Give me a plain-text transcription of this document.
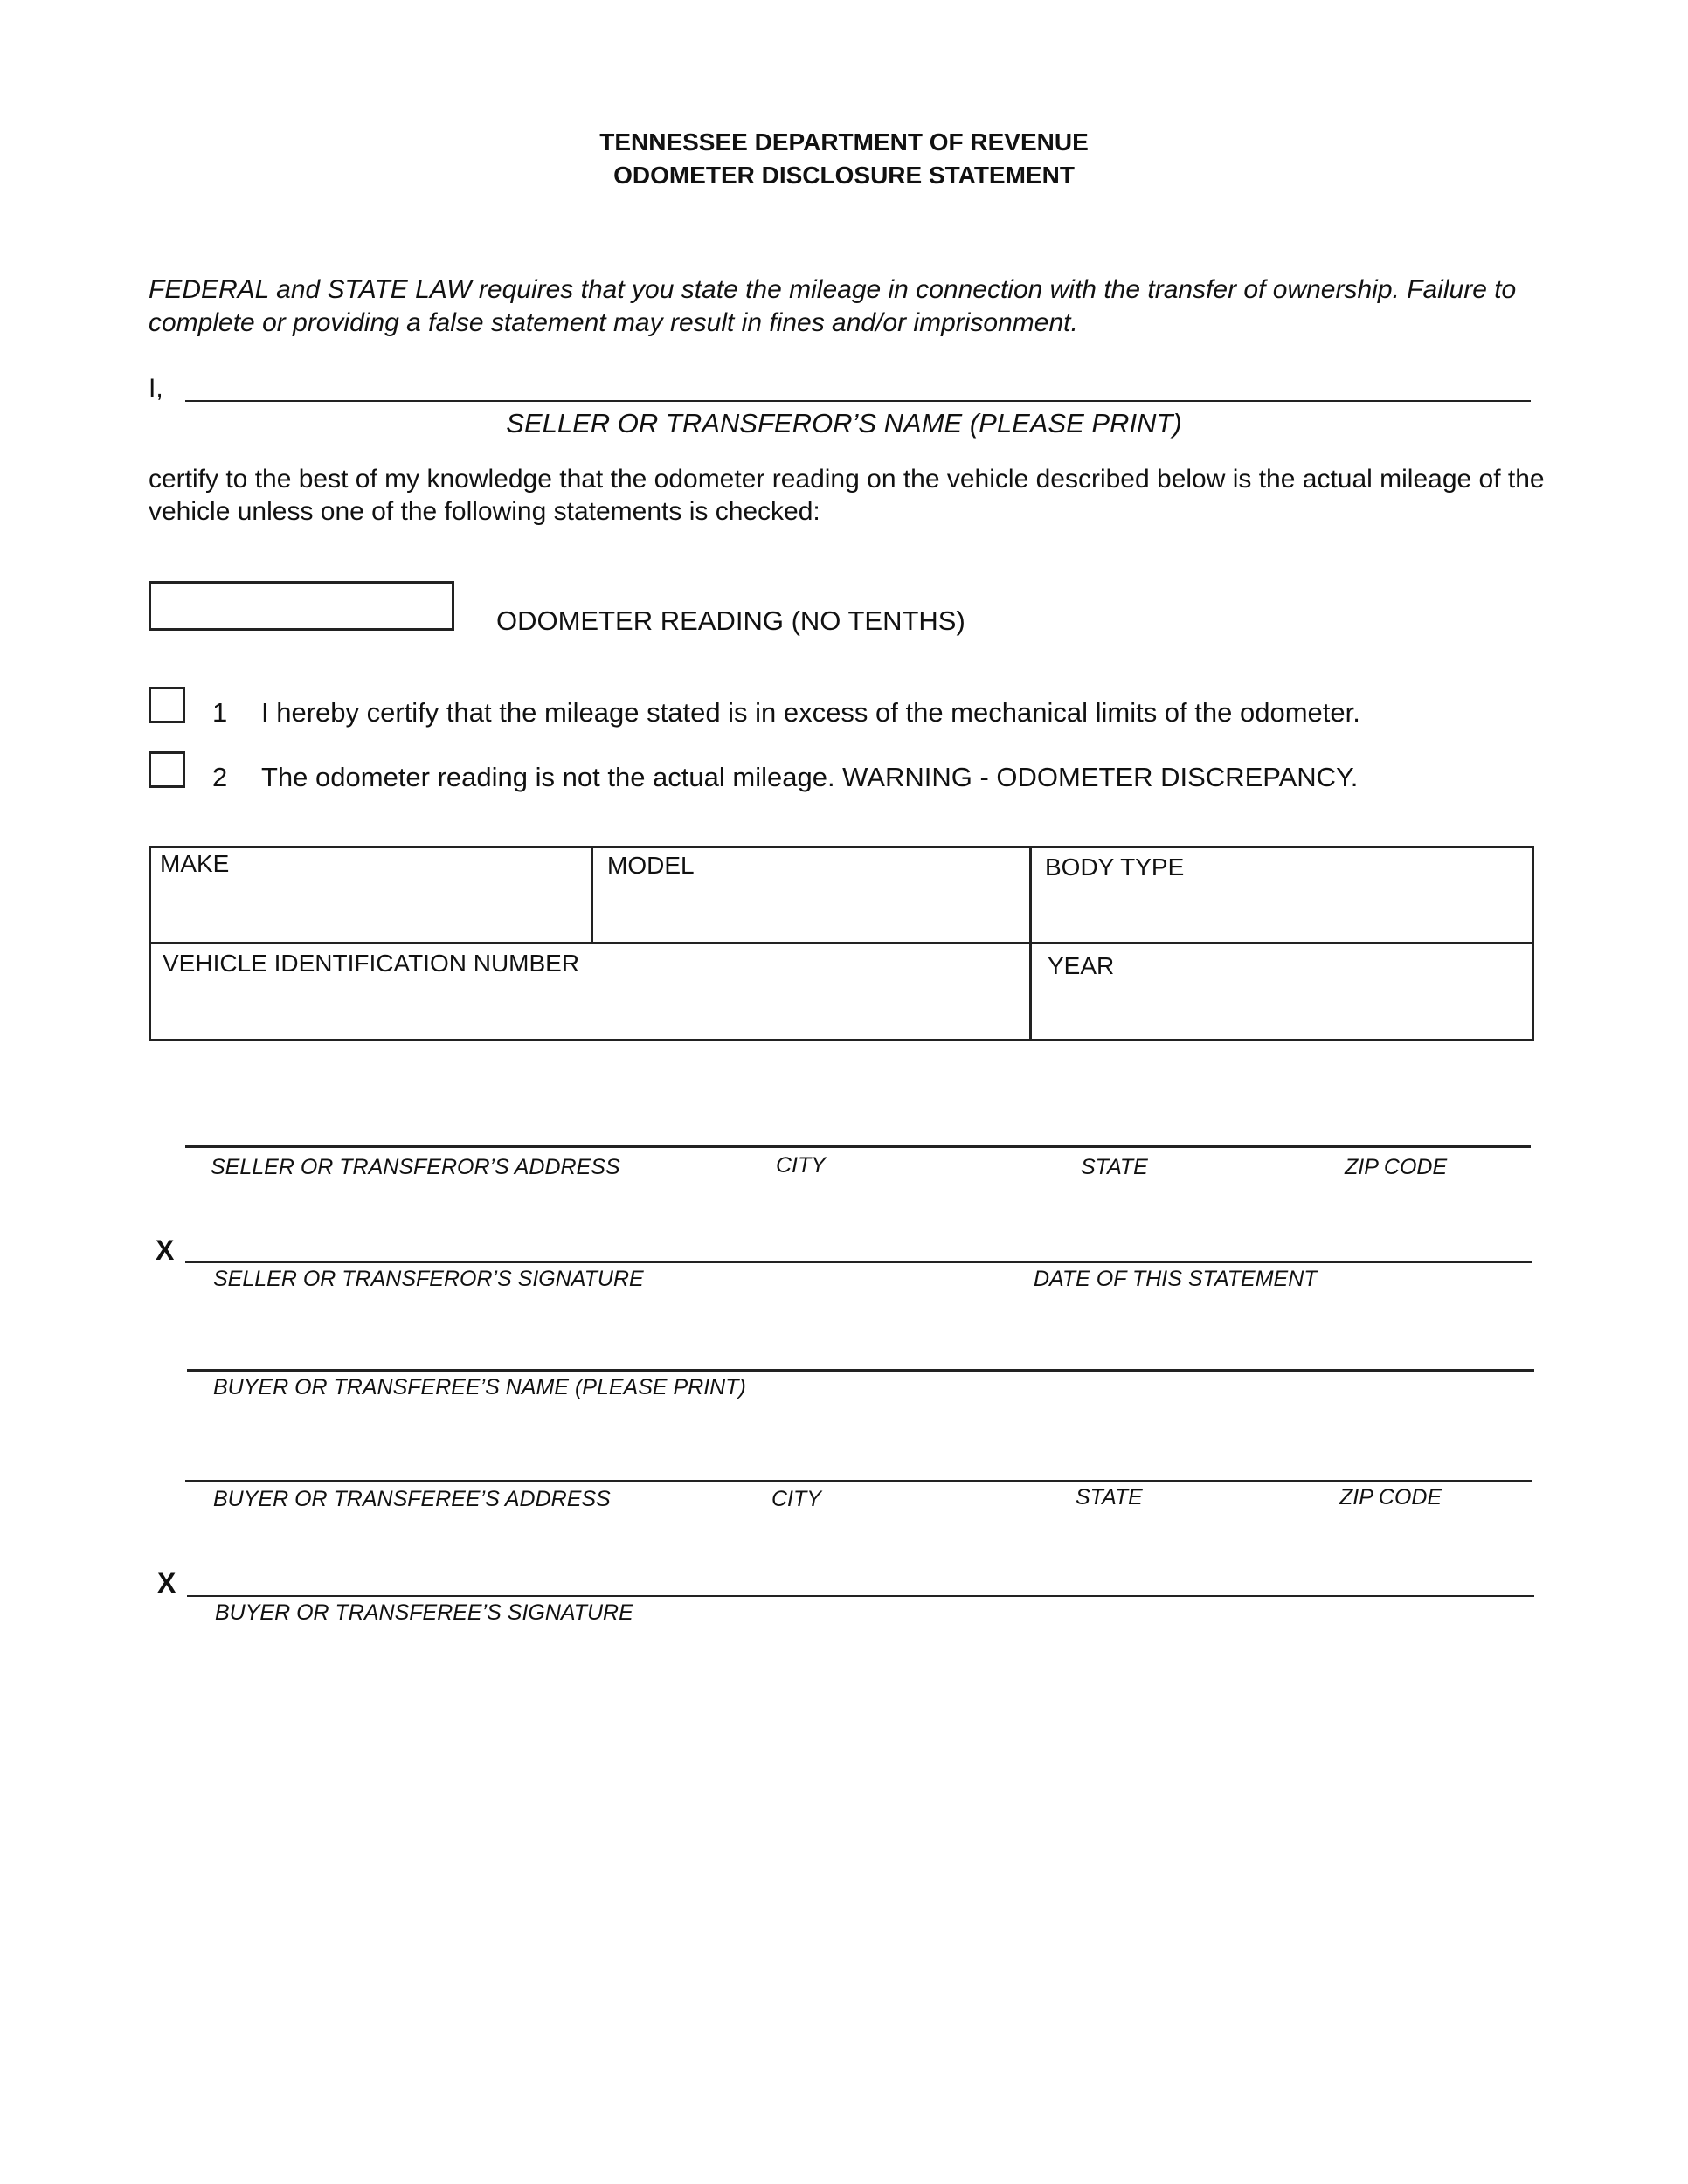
TENNESSEE DEPARTMENT OF REVENUE
ODOMETER DISCLOSURE STATEMENT
FEDERAL and STATE LAW requires that you state the mileage in connection with the transfer of ownership. Failure to complete or providing a false statement may result in fines and/or imprisonment.
I,
SELLER OR TRANSFEROR’S NAME (PLEASE PRINT)
certify to the best of my knowledge that the odometer reading on the vehicle described below is the actual mileage of the vehicle unless one of the following statements is checked:
ODOMETER READING (NO TENTHS)
1 I hereby certify that the mileage stated is in excess of the mechanical limits of the odometer.
2 The odometer reading is not the actual mileage. WARNING - ODOMETER DISCREPANCY.
MAKE	MODEL	BODY TYPE
VEHICLE IDENTIFICATION NUMBER	YEAR
SELLER OR TRANSFEROR’S ADDRESS	CITY	STATE	ZIP CODE
X
SELLER OR TRANSFEROR’S SIGNATURE	DATE OF THIS STATEMENT
BUYER OR TRANSFEREE’S NAME (PLEASE PRINT)
BUYER OR TRANSFEREE’S ADDRESS	CITY	STATE	ZIP CODE
X
BUYER OR TRANSFEREE’S SIGNATURE
